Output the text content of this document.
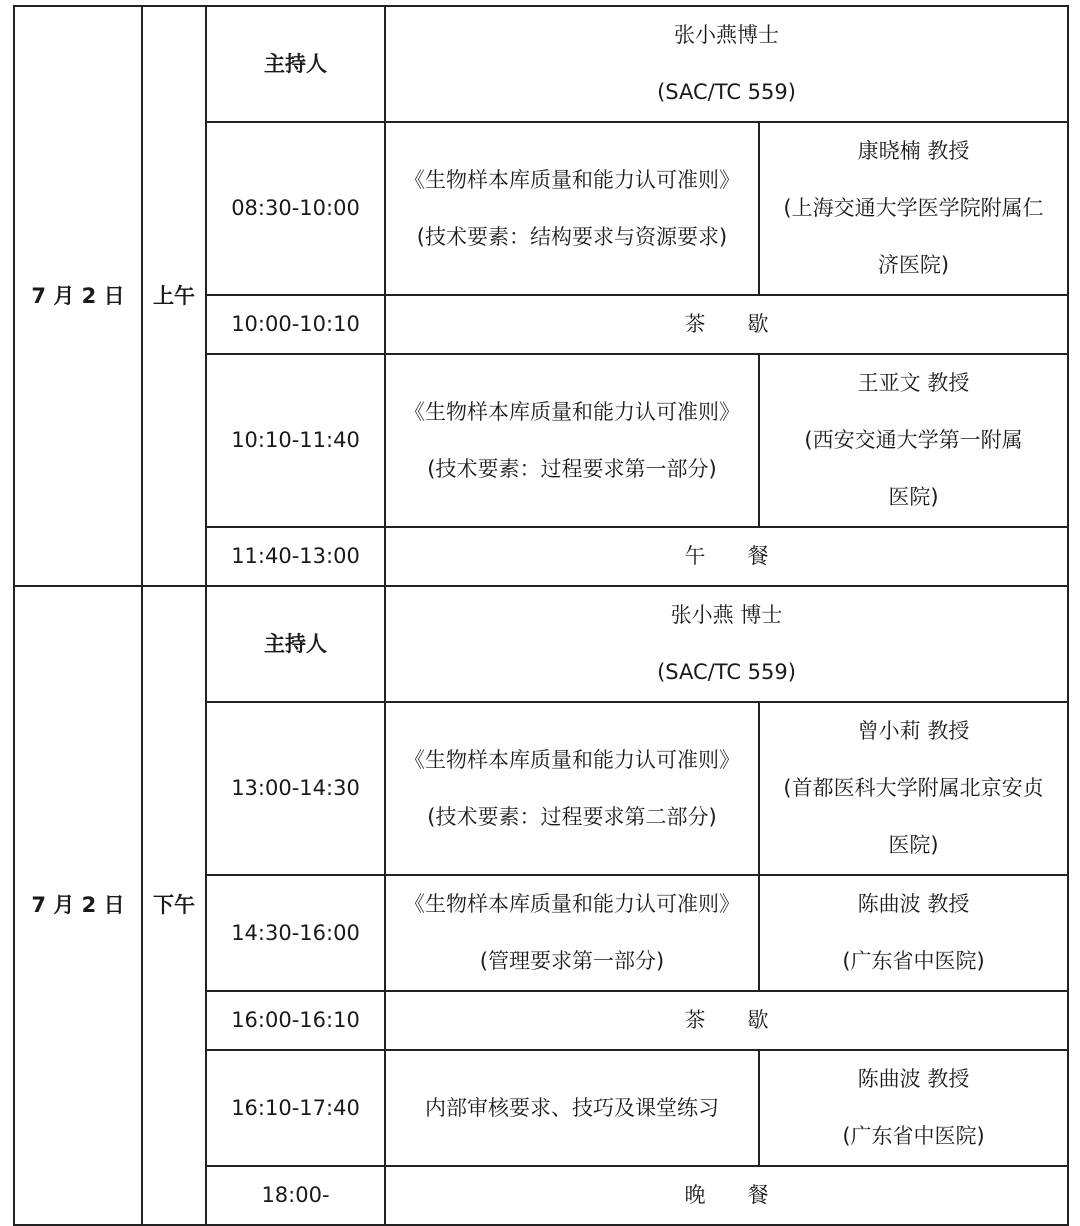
7 月 2 日	上午	主持人	张小燕博士
(SAC/TC 559)	

		08:30-10:00	《生物样本库质量和能力认可准则》
(技术要素：结构要求与资源要求)	康晓楠 教授
(上海交通大学医学院附属仁
济医院)

		10:00-10:10	茶　　歇	
		10:10-11:40	《生物样本库质量和能力认可准则》
(技术要素：过程要求第一部分)	王亚文 教授
(西安交通大学第一附属
医院)

		11:40-13:00	午　　餐	
7 月 2 日	下午	主持人	张小燕 博士
(SAC/TC 559)	

		13:00-14:30	《生物样本库质量和能力认可准则》
(技术要素：过程要求第二部分)	曾小莉 教授
(首都医科大学附属北京安贞
医院)

		14:30-16:00	《生物样本库质量和能力认可准则》
(管理要求第一部分)	陈曲波 教授
(广东省中医院)

		16:00-16:10	茶　　歇	
		16:10-17:40	内部审核要求、技巧及课堂练习	陈曲波 教授
(广东省中医院)

		18:00-	晚　　餐	
